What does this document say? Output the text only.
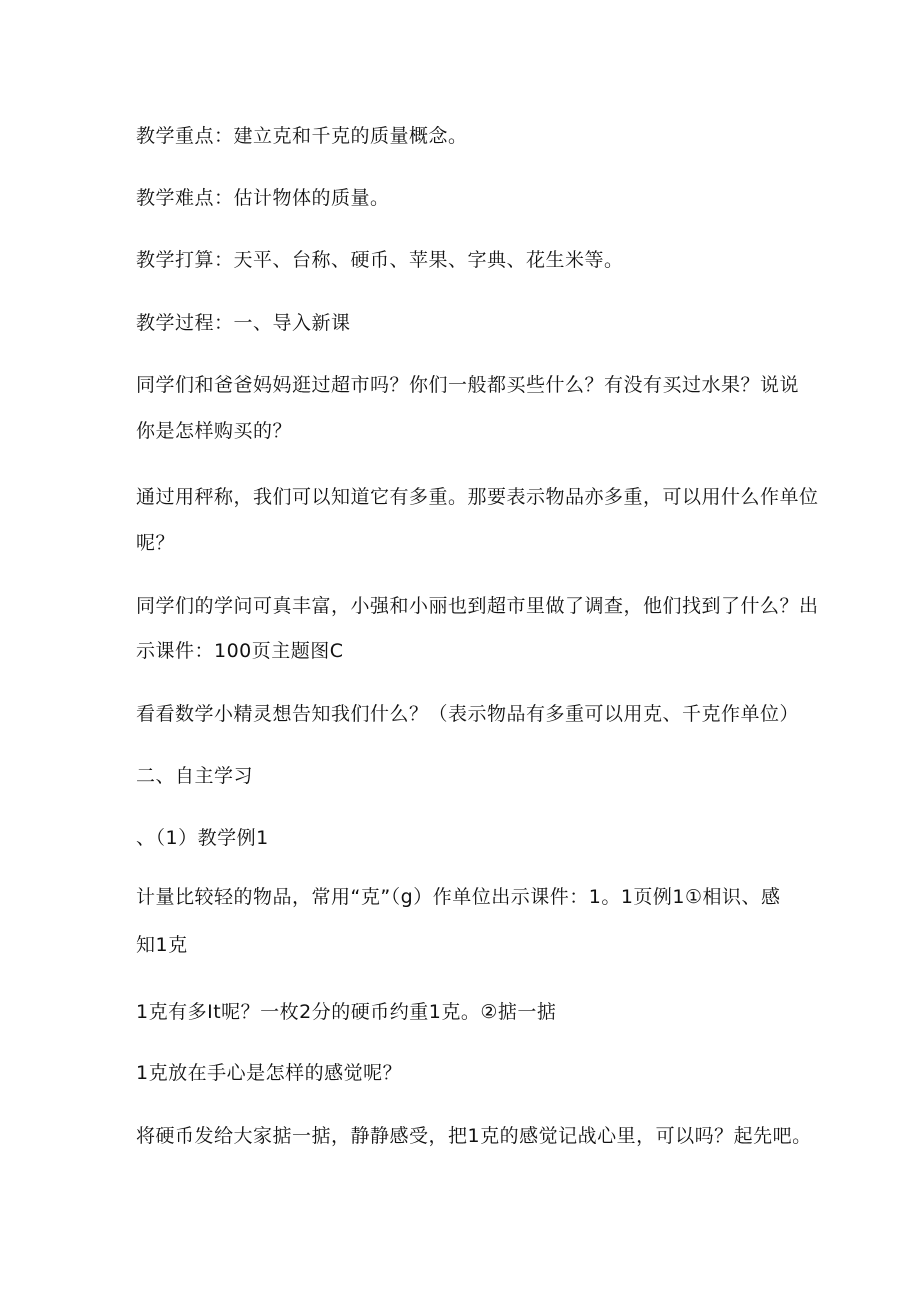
教学重点：建立克和千克的质量概念。
教学难点：估计物体的质量。
教学打算：天平、台称、硬币、苹果、字典、花生米等。
教学过程：一、导入新课
同学们和爸爸妈妈逛过超市吗？你们一般都买些什么？有没有买过水果？说说
你是怎样购买的？
通过用秤称，我们可以知道它有多重。那要表示物品亦多重，可以用什么作单位
呢？
同学们的学问可真丰富，小强和小丽也到超市里做了调查，他们找到了什么？出
示课件：100页主题图C
看看数学小精灵想告知我们什么？（表示物品有多重可以用克、千克作单位）
二、自主学习
、（1）教学例1
计量比较轻的物品，常用“克”（g）作单位出示课件：1。1页例1①相识、感
知1克
1克有多It呢？一枚2分的硬币约重1克。②掂一掂
1克放在手心是怎样的感觉呢？
将硬币发给大家掂一掂，静静感受，把1克的感觉记战心里，可以吗？起先吧。
